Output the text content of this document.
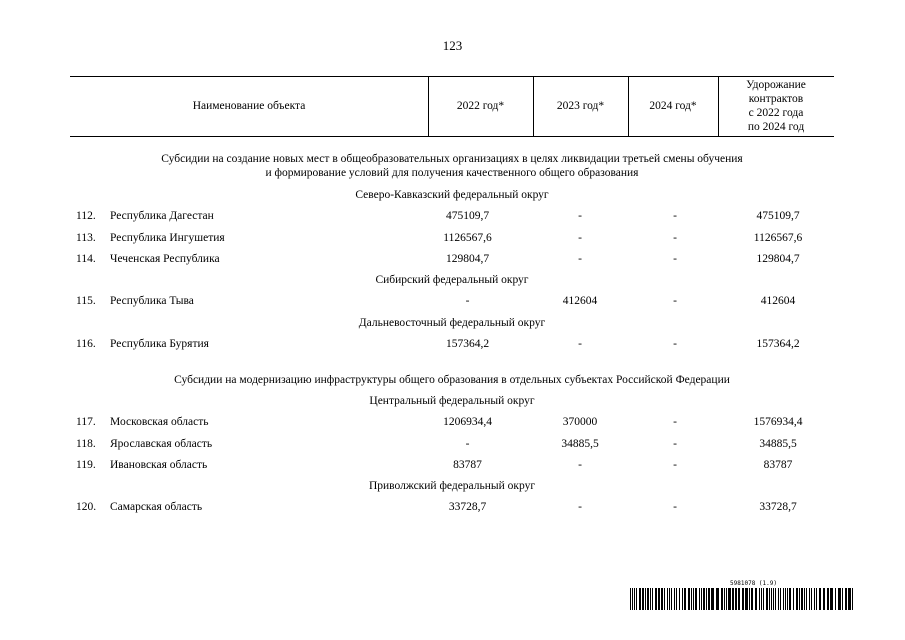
123
Наименование объекта	2022 год*	2023 год*	2024 год*
Удорожание
контрактов
с 2022 года
по 2024 год
Субсидии на создание новых мест в общеобразовательных организациях в целях ликвидации третьей смены обучения
и формирование условий для получения качественного общего образования
Северо-Кавказский федеральный округ
112. Республика Дагестан	475109,7	-	-	475109,7
113. Республика Ингушетия	1126567,6	-	-	1126567,6
114. Чеченская Республика	129804,7	-	-	129804,7
Сибирский федеральный округ
115. Республика Тыва	-	412604	-	412604
Дальневосточный федеральный округ
116. Республика Бурятия	157364,2	-	-	157364,2
Субсидии на модернизацию инфраструктуры общего образования в отдельных субъектах Российской Федерации
Центральный федеральный округ
117. Московская область	1206934,4	370000	-	1576934,4
118. Ярославская область	-	34885,5	-	34885,5
119. Ивановская область	83787	-	-	83787
Приволжский федеральный округ
120. Самарская область	33728,7	-	-	33728,7
5981078 (1.9)
